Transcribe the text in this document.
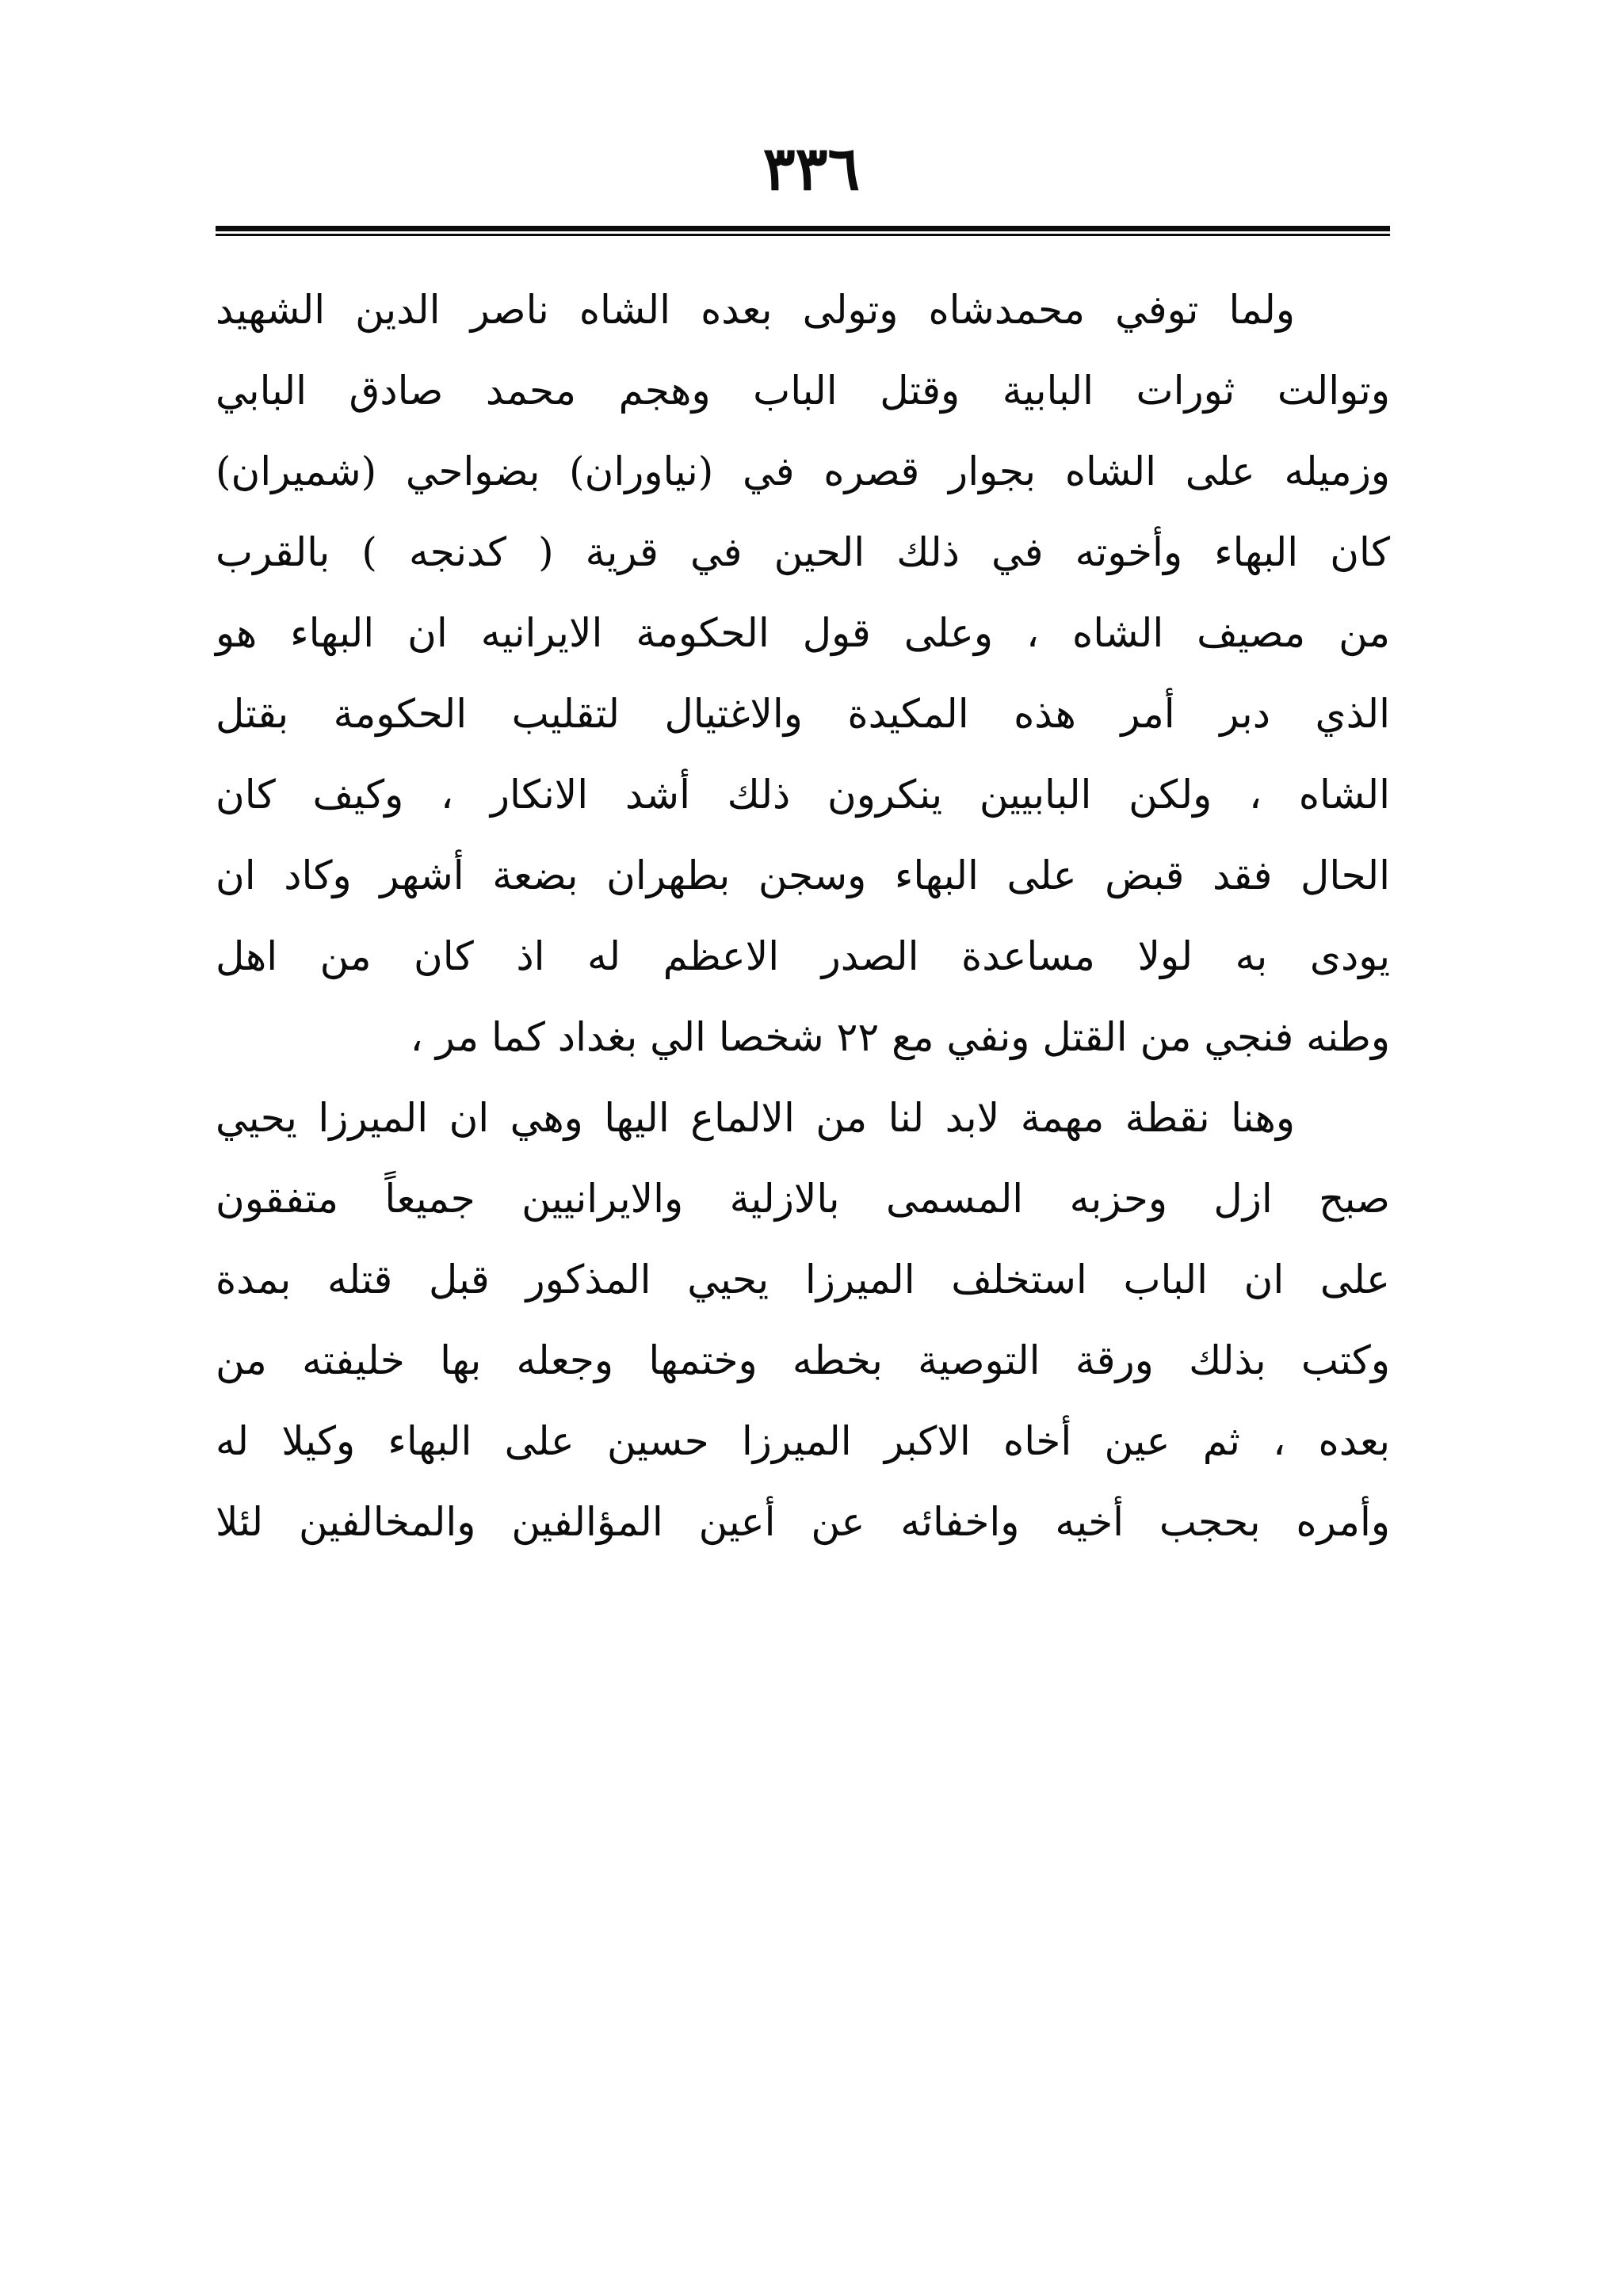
٣٣٦
ولما توفي محمدشاه وتولى بعده الشاه ناصر الدين الشهيد
وتوالت ثورات البابية وقتل الباب وهجم محمد صادق البابي
وزميله على الشاه بجوار قصره في (نياوران) بضواحي (شميران)
كان البهاء وأخوته في ذلك الحين في قرية ( كدنجه ) بالقرب
من مصيف الشاه ، وعلى قول الحكومة الايرانيه ان البهاء هو
الذي دبر أمر هذه المكيدة والاغتيال لتقليب الحكومة بقتل
الشاه ، ولكن البابيين ينكرون ذلك أشد الانكار ، وكيف كان
الحال فقد قبض على البهاء وسجن بطهران بضعة أشهر وكاد ان
يودى به لولا مساعدة الصدر الاعظم له اذ كان من اهل
وطنه فنجي من القتل ونفي مع ٢٢ شخصا الي بغداد كما مر ،
وهنا نقطة مهمة لابد لنا من الالماع اليها وهي ان الميرزا يحيي
صبح ازل وحزبه المسمى بالازلية والايرانيين جميعاً متفقون
على ان الباب استخلف الميرزا يحيي المذكور قبل قتله بمدة
وكتب بذلك ورقة التوصية بخطه وختمها وجعله بها خليفته من
بعده ، ثم عين أخاه الاكبر الميرزا حسين على البهاء وكيلا له
وأمره بحجب أخيه واخفائه عن أعين المؤالفين والمخالفين لئلا
